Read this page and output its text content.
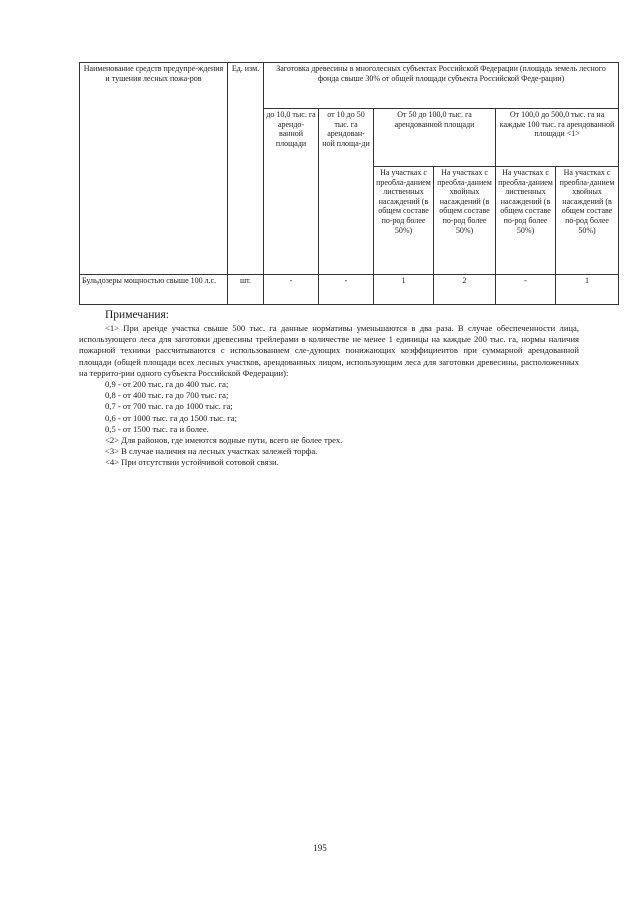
Наименование средств предупре-ждения и тушения лесных пожа-ров	Ед. изм.	Заготовка древесины в многолесных субъектах Российской Федерации (площадь земель лесного фонда свыше 30% от общей площади субъекта Российской Феде-рации)					
		до 10,0 тыс. га арендо-ванной площади	от 10 до 50 тыс. га арендован-ной площа-ди	От 50 до 100,0 тыс. га арендованной площади		От 100,0 до 500,0 тыс. га на каждые 100 тыс. га арендованной площади <1>	
				На участках с преобла-данием лиственных насаждений (в общем составе по-род более 50%)	На участках с преобла-данием хвойных насаждений (в общем составе по-род более 50%)	На участках с преобла-данием лиственных насаждений (в общем составе по-род более 50%)	На участках с преобла-данием хвойных насаждений (в общем составе по-род более 50%)
Бульдозеры мощностью свыше 100 л.с.	шт.	-	-	1	2	-	1
Примечания:
<1> При аренде участка свыше 500 тыс. га данные нормативы уменьшаются в два раза. В случае обеспеченности лица, использующего леса для заготовки древесины трейлерами в количестве не менее 1 единицы на каждые 200 тыс. га, нормы наличия пожарной техники рассчитываются с использованием сле-дующих понижающих коэффициентов при суммарной арендованной площади (общей площади всех лесных участков, арендованных лицом, использующим леса для заготовки древесины, расположенных на террито-рии одного субъекта Российской Федерации):
0,9 - от 200 тыс. га до 400 тыс. га;
0,8 - от 400 тыс. га до 700 тыс. га;
0,7 - от 700 тыс. га до 1000 тыс. га;
0,6 - от 1000 тыс. га до 1500 тыс. га;
0,5 - от 1500 тыс. га и более.
<2> Для районов, где имеются водные пути, всего не более трех.
<3> В случае наличия на лесных участках залежей торфа.
<4> При отсутствии устойчивой сотовой связи.
195
